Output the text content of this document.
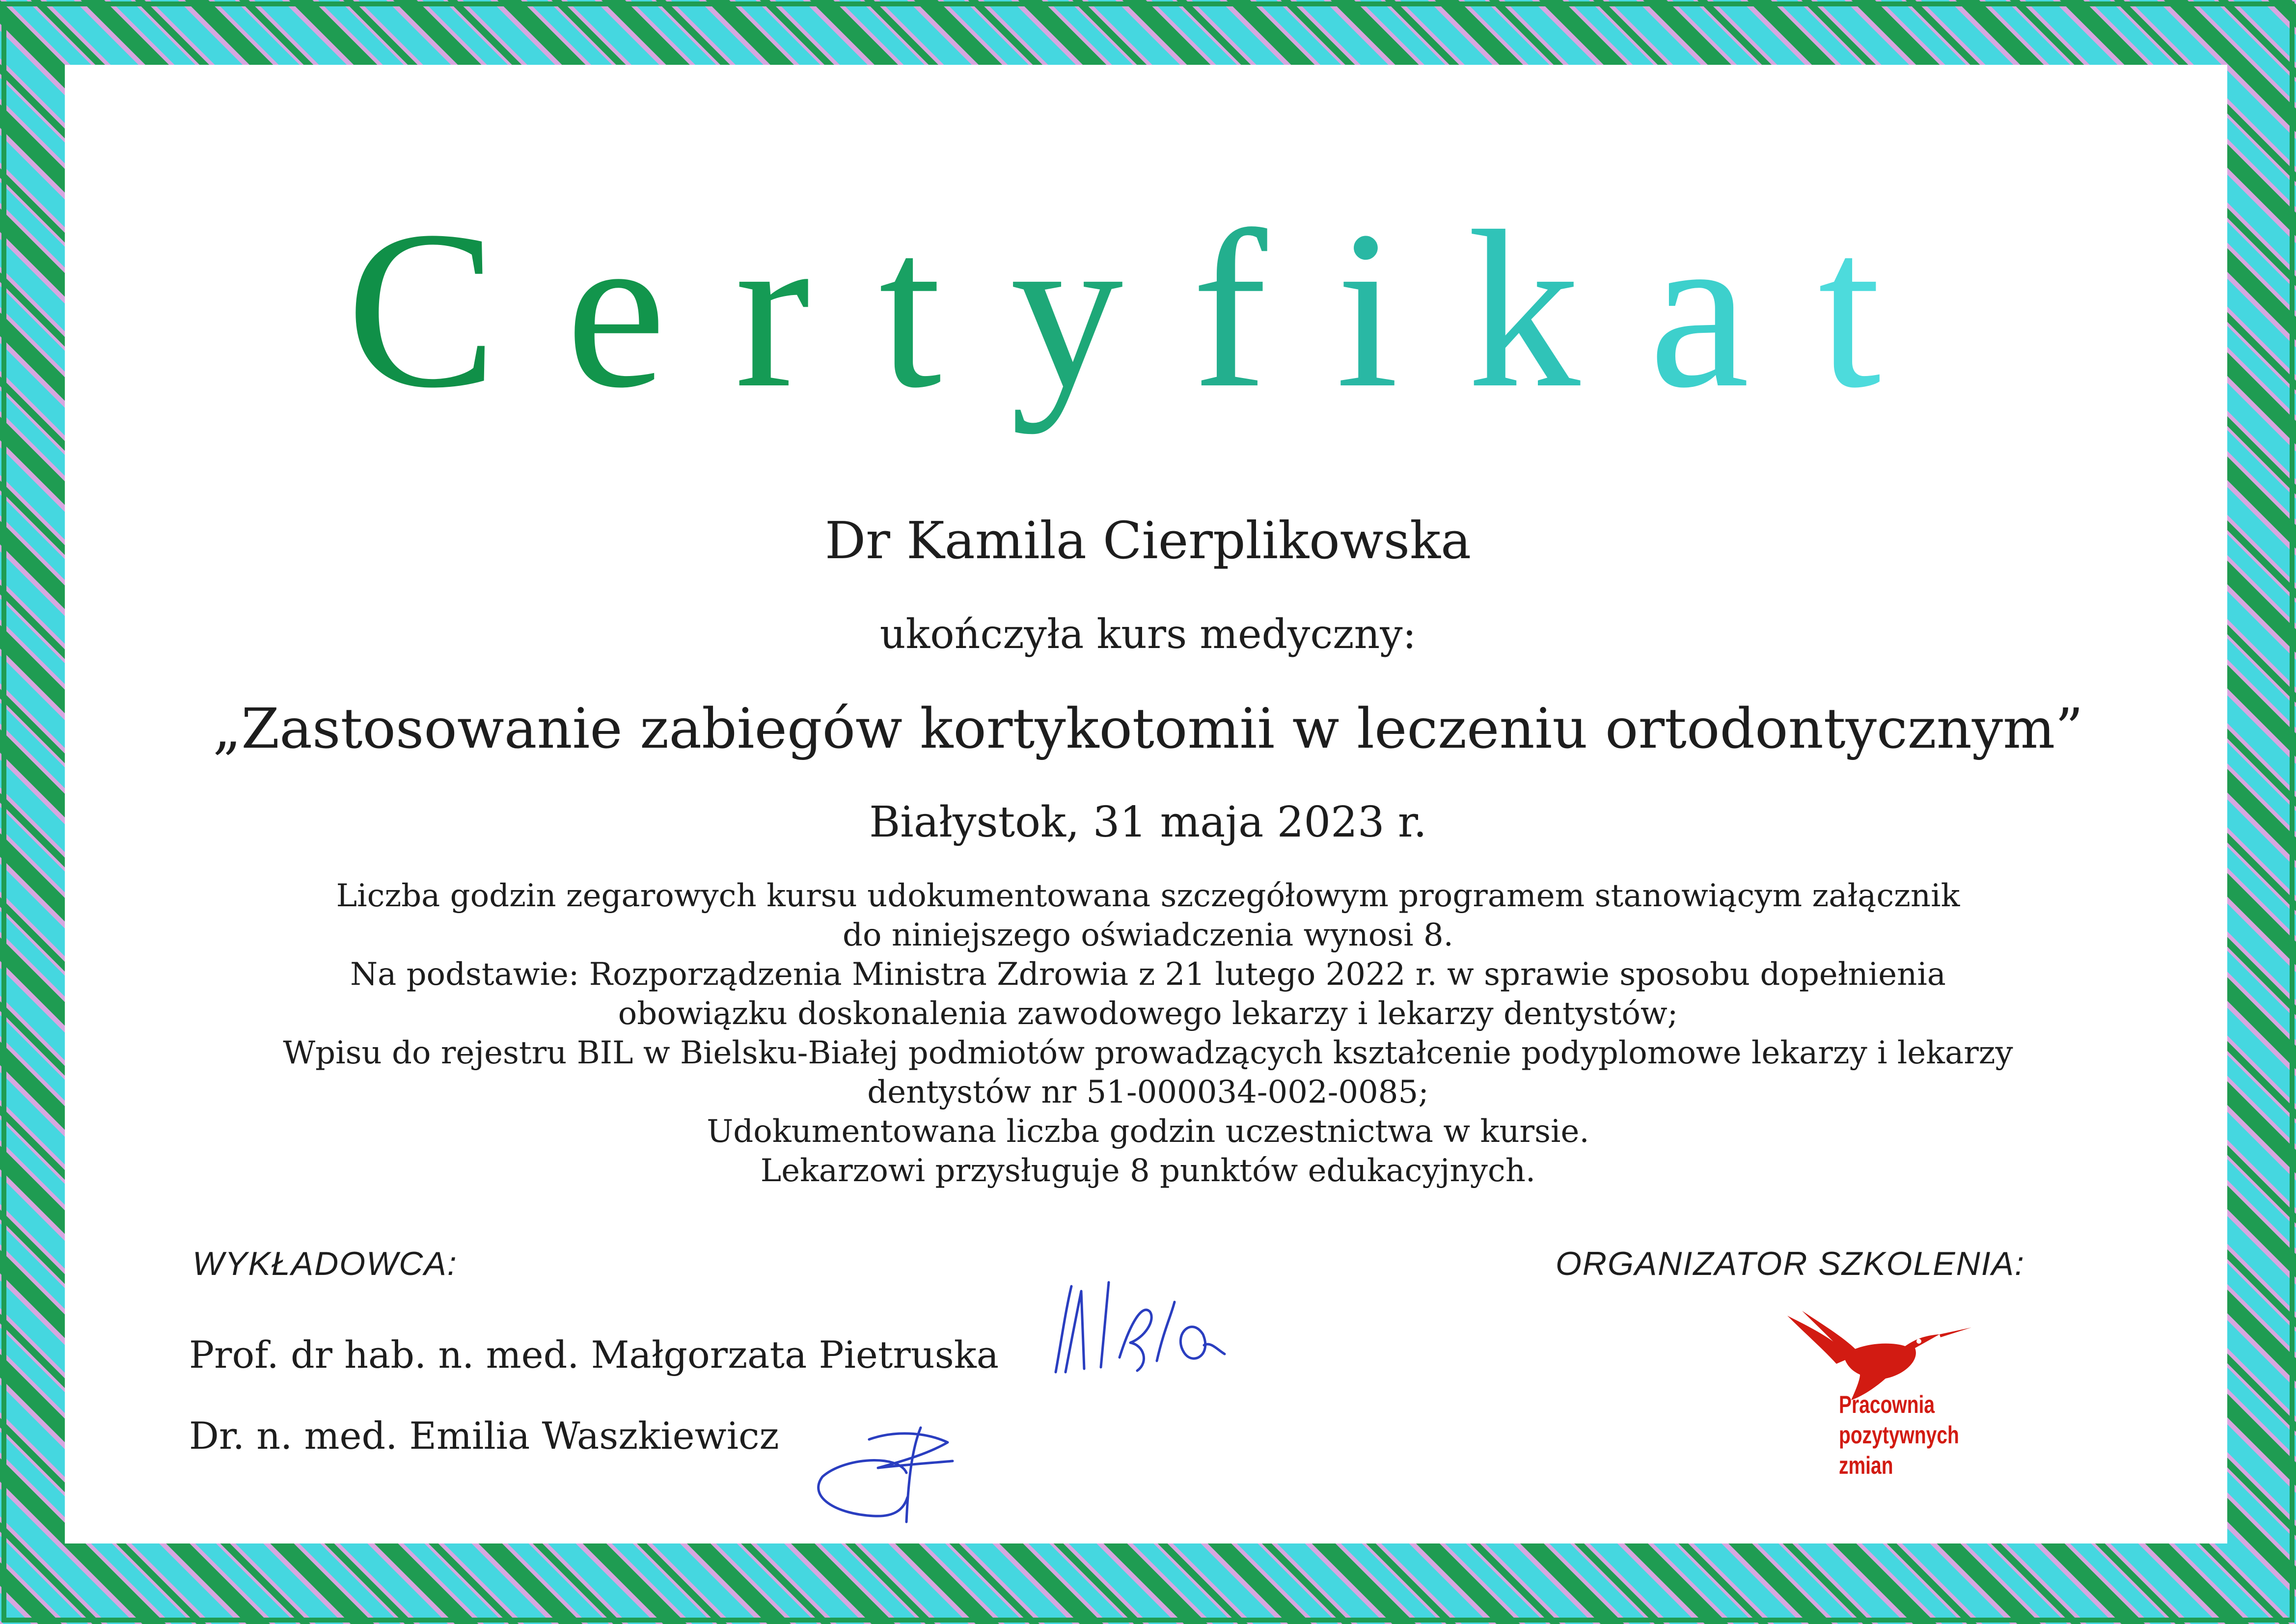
Certyfikat
Dr Kamila Cierplikowska
ukończyła kurs medyczny:
„Zastosowanie zabiegów kortykotomii w leczeniu ortodontycznym”
Białystok, 31 maja 2023 r.
Liczba godzin zegarowych kursu udokumentowana szczegółowym programem stanowiącym załącznik
do niniejszego oświadczenia wynosi 8.
Na podstawie: Rozporządzenia Ministra Zdrowia z 21 lutego 2022 r. w sprawie sposobu dopełnienia
obowiązku doskonalenia zawodowego lekarzy i lekarzy dentystów;
Wpisu do rejestru BIL w Bielsku-Białej podmiotów prowadzących kształcenie podyplomowe lekarzy i lekarzy
dentystów nr 51-000034-002-0085;
Udokumentowana liczba godzin uczestnictwa w kursie.
Lekarzowi przysługuje 8 punktów edukacyjnych.
WYKŁADOWCA:	ORGANIZATOR SZKOLENIA:
Prof. dr hab. n. med. Małgorzata Pietruska
Dr. n. med. Emilia Waszkiewicz
Pracownia
pozytywnych
zmian
